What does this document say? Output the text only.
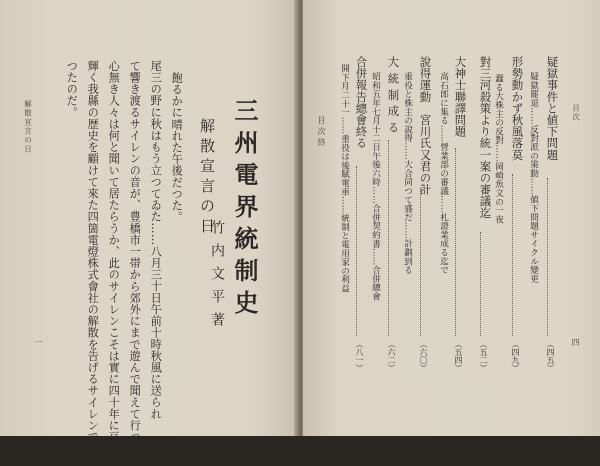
解散宣言の日
一
つたのだ。 輝く我縣の歴史を顧けて來た四箇電燈株式會社の解散を告げるサイレンであ 心無き人々は何と聞いて居たらうか、此のサイレンこそは實に四十年に亘る て響き渡るサイレンの音が、豊橋市一帯から郊外にまで遊んで聞えて行つた。 尾三の野に秋はもう立つてゐた……八月三十日午前十時秋風に送られ 飽るかに晴れた午後だつた。 解散宣言の日
竹内文平著 三州電界統制史	目次
四
疑獄事件と値下問題
疑獄罷退……反對派の策動……値下問題サイクル變更
（四五）
形勢動かず秋風落莫
蠢る大株主の反對……岡崎魚文の一夜
（四九）
對三河殺策より統一案の審議迄
（五二）
大神士聯譯問題
高石郎に集る……營業部の審議……札證業成る迄で
（五四）
說得運動　宮川氏又君の計
重役と株主の說得……大合同つて盛だ……計劃到る
（六〇）
大統制成る
昭和五年七月十二日午後六時……合併契約書……合併總會
（六二）
合併報告總會終る
開下月二十一……重役は後賦電車……統制と電用家の利益
（八一）
目次終
